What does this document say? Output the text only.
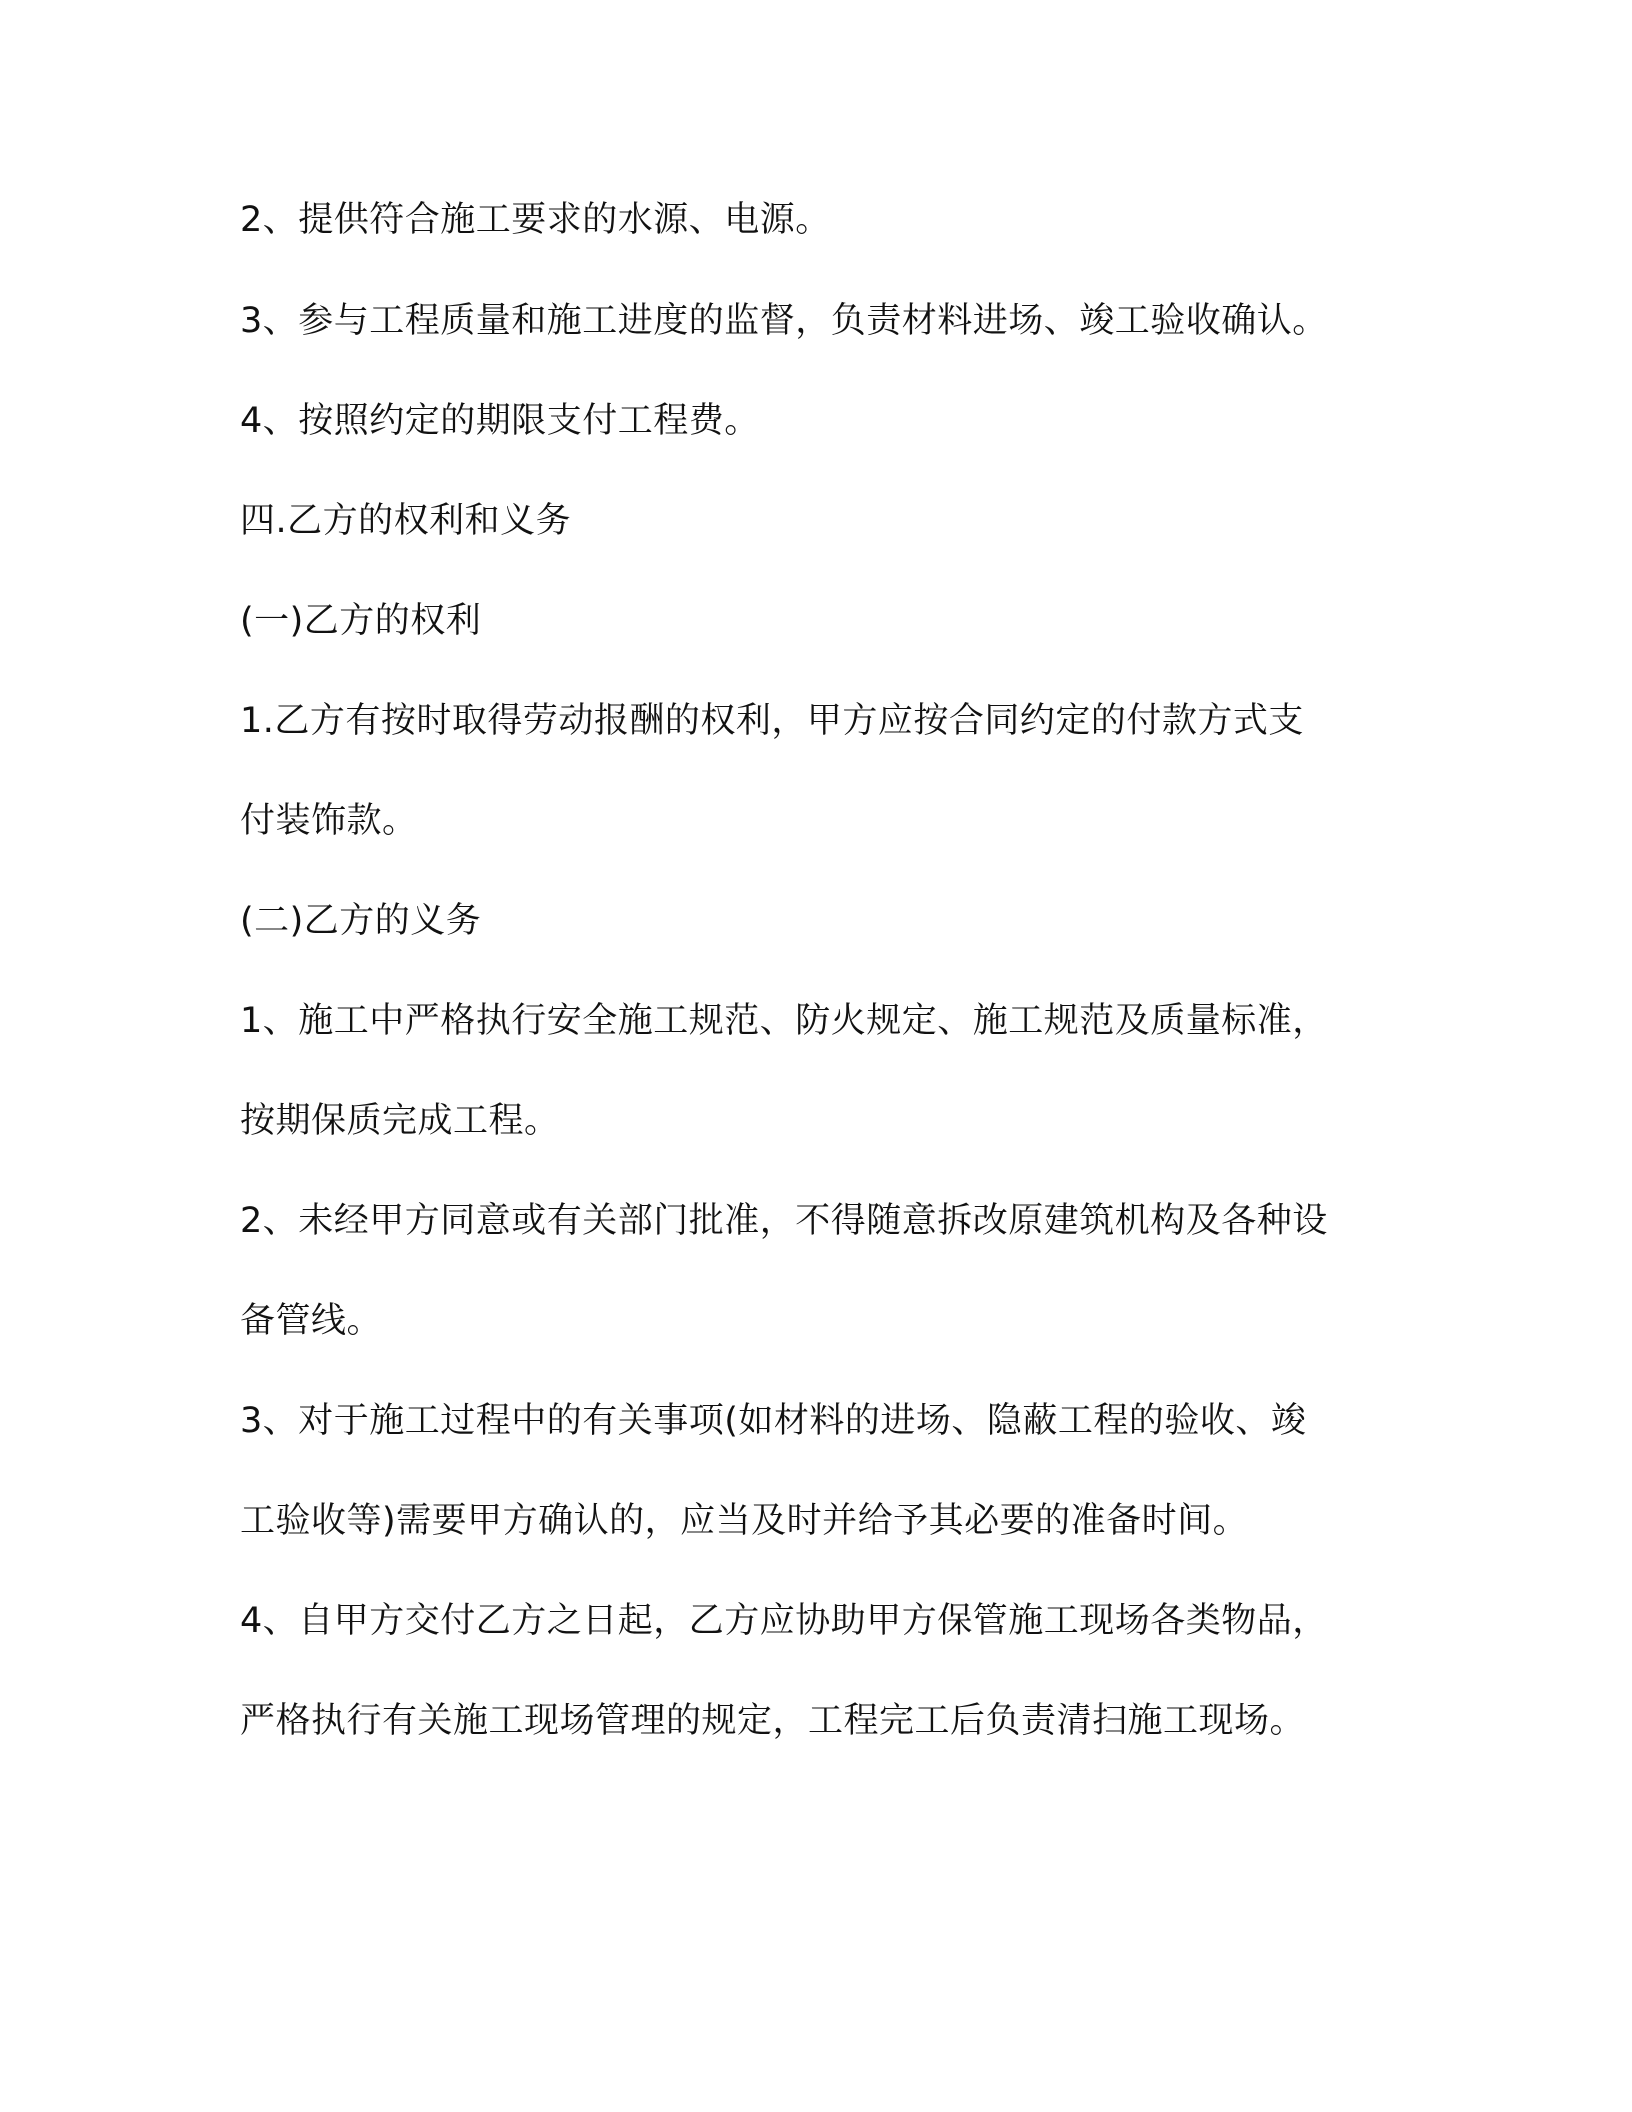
2、提供符合施工要求的水源、电源。
3、参与工程质量和施工进度的监督，负责材料进场、竣工验收确认。
4、按照约定的期限支付工程费。
四.乙方的权利和义务
(一)乙方的权利
1.乙方有按时取得劳动报酬的权利，甲方应按合同约定的付款方式支
付装饰款。
(二)乙方的义务
1、施工中严格执行安全施工规范、防火规定、施工规范及质量标准，
按期保质完成工程。
2、未经甲方同意或有关部门批准，不得随意拆改原建筑机构及各种设
备管线。
3、对于施工过程中的有关事项(如材料的进场、隐蔽工程的验收、竣
工验收等)需要甲方确认的，应当及时并给予其必要的准备时间。
4、自甲方交付乙方之日起，乙方应协助甲方保管施工现场各类物品，
严格执行有关施工现场管理的规定，工程完工后负责清扫施工现场。
